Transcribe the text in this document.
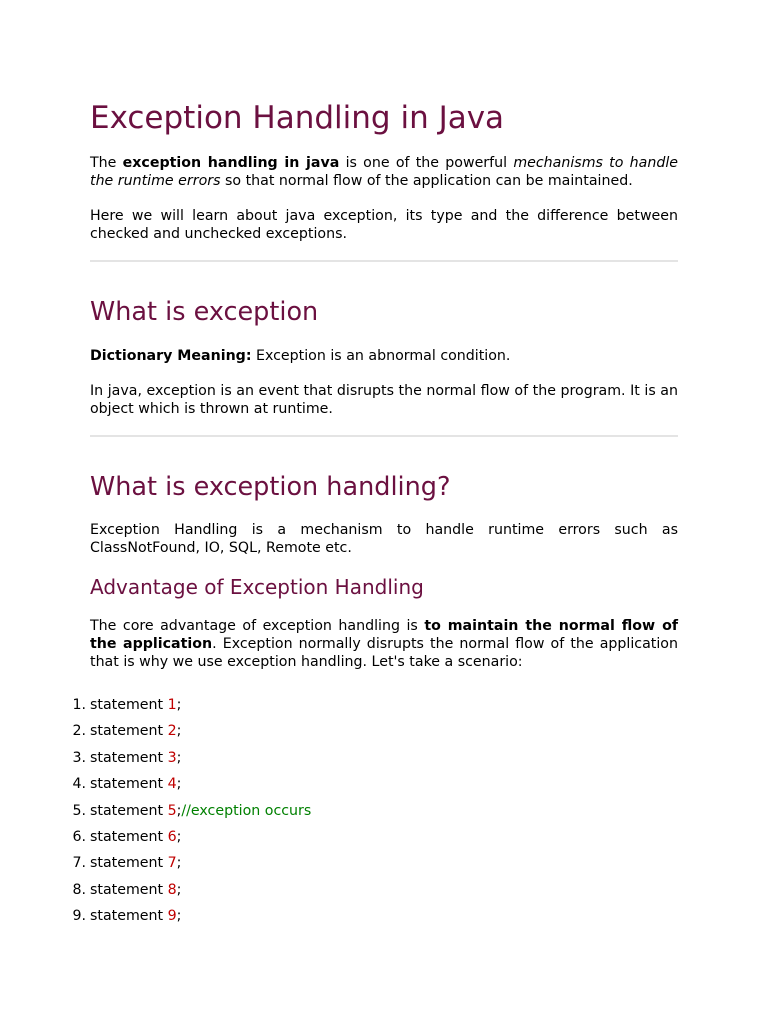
Exception Handling in Java

The exception handling in java is one of the powerful mechanisms to handle the runtime errors so that normal flow of the application can be maintained.

Here we will learn about java exception, its type and the difference between checked and unchecked exceptions.

What is exception

Dictionary Meaning: Exception is an abnormal condition.

In java, exception is an event that disrupts the normal flow of the program. It is an object which is thrown at runtime.

What is exception handling?

Exception Handling is a mechanism to handle runtime errors such as ClassNotFound, IO, SQL, Remote etc.

Advantage of Exception Handling

The core advantage of exception handling is to maintain the normal flow of the application. Exception normally disrupts the normal flow of the application that is why we use exception handling. Let's take a scenario:

1. statement 1;
2. statement 2;
3. statement 3;
4. statement 4;
5. statement 5;//exception occurs
6. statement 6;
7. statement 7;
8. statement 8;
9. statement 9;
